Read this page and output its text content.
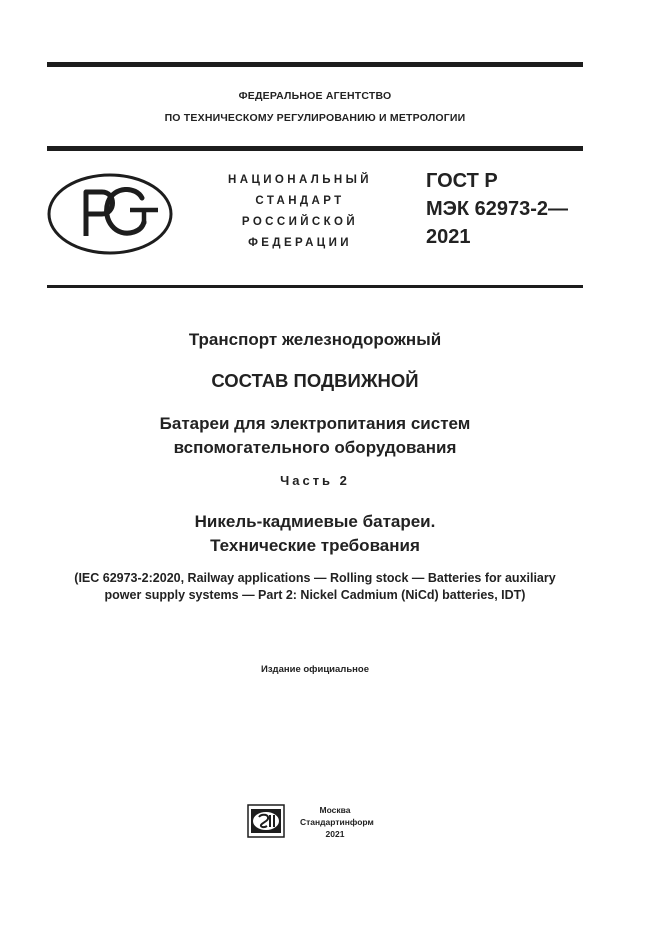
ФЕДЕРАЛЬНОЕ АГЕНТСТВО
ПО ТЕХНИЧЕСКОМУ РЕГУЛИРОВАНИЮ И МЕТРОЛОГИИ
НАЦИОНАЛЬНЫЙ
СТАНДАРТ
РОССИЙСКОЙ
ФЕДЕРАЦИИ
ГОСТ Р
МЭК 62973-2—
2021
Транспорт железнодорожный
СОСТАВ ПОДВИЖНОЙ
Батареи для электропитания систем
вспомогательного оборудования
Часть 2
Никель-кадмиевые батареи.
Технические требования
(IEC 62973-2:2020, Railway applications — Rolling stock — Batteries for auxiliary
power supply systems — Part 2: Nickel Cadmium (NiCd) batteries, IDT)
Издание официальное
Москва
Стандартинформ
2021
